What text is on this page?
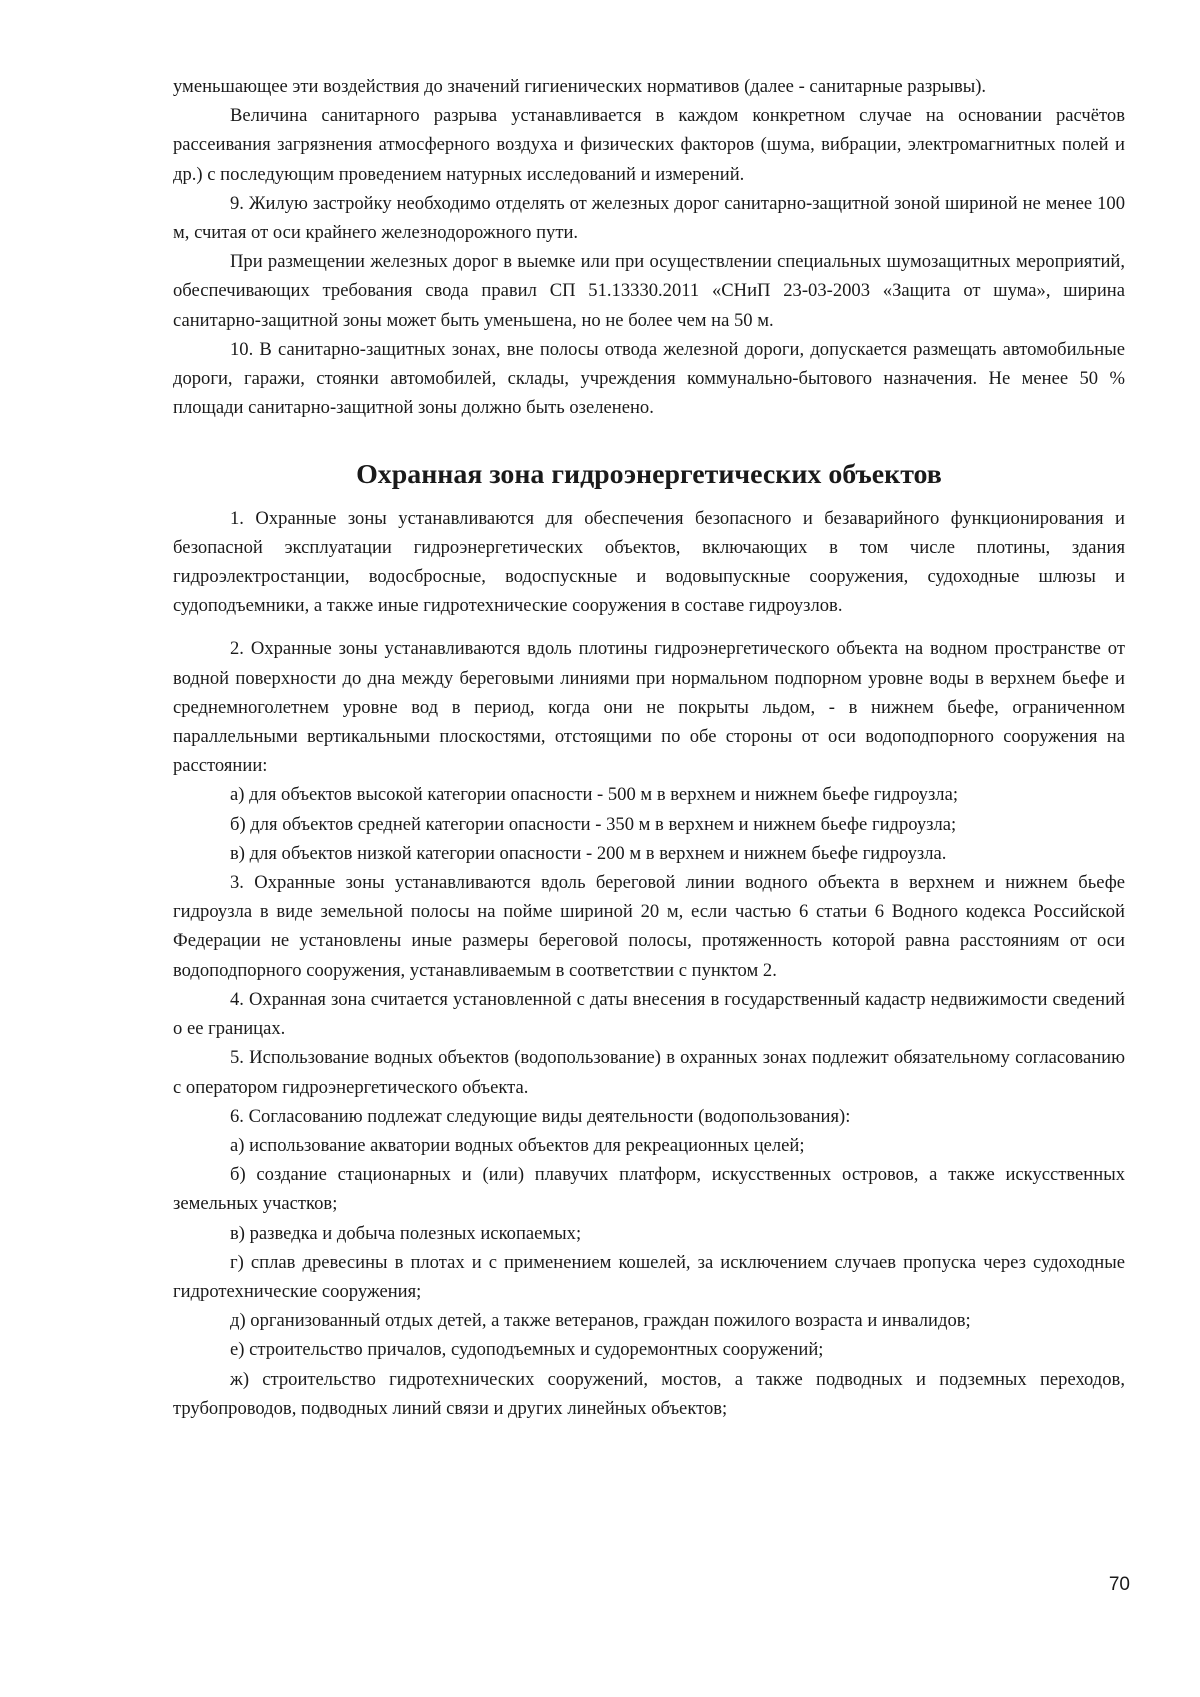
уменьшающее эти воздействия до значений гигиенических нормативов (далее - санитарные разрывы).

Величина санитарного разрыва устанавливается в каждом конкретном случае на основании расчётов рассеивания загрязнения атмосферного воздуха и физических факторов (шума, вибрации, электромагнитных полей и др.) с последующим проведением натурных исследований и измерений.

9. Жилую застройку необходимо отделять от железных дорог санитарно-защитной зоной шириной не менее 100 м, считая от оси крайнего железнодорожного пути.

При размещении железных дорог в выемке или при осуществлении специальных шумозащитных мероприятий, обеспечивающих требования свода правил СП 51.13330.2011 «СНиП 23-03-2003 «Защита от шума», ширина санитарно-защитной зоны может быть уменьшена, но не более чем на 50 м.

10. В санитарно-защитных зонах, вне полосы отвода железной дороги, допускается размещать автомобильные дороги, гаражи, стоянки автомобилей, склады, учреждения коммунально-бытового назначения. Не менее 50 % площади санитарно-защитной зоны должно быть озеленено.

Охранная зона гидроэнергетических объектов

1. Охранные зоны устанавливаются для обеспечения безопасного и безаварийного функционирования и безопасной эксплуатации гидроэнергетических объектов, включающих в том числе плотины, здания гидроэлектростанции, водосбросные, водоспускные и водовыпускные сооружения, судоходные шлюзы и судоподъемники, а также иные гидротехнические сооружения в составе гидроузлов.

2. Охранные зоны устанавливаются вдоль плотины гидроэнергетического объекта на водном пространстве от водной поверхности до дна между береговыми линиями при нормальном подпорном уровне воды в верхнем бьефе и среднемноголетнем уровне вод в период, когда они не покрыты льдом, - в нижнем бьефе, ограниченном параллельными вертикальными плоскостями, отстоящими по обе стороны от оси водоподпорного сооружения на расстоянии:

а) для объектов высокой категории опасности - 500 м в верхнем и нижнем бьефе гидроузла;

б) для объектов средней категории опасности - 350 м в верхнем и нижнем бьефе гидроузла;

в) для объектов низкой категории опасности - 200 м в верхнем и нижнем бьефе гидроузла.

3. Охранные зоны устанавливаются вдоль береговой линии водного объекта в верхнем и нижнем бьефе гидроузла в виде земельной полосы на пойме шириной 20 м, если частью 6 статьи 6 Водного кодекса Российской Федерации не установлены иные размеры береговой полосы, протяженность которой равна расстояниям от оси водоподпорного сооружения, устанавливаемым в соответствии с пунктом 2.

4. Охранная зона считается установленной с даты внесения в государственный кадастр недвижимости сведений о ее границах.

5. Использование водных объектов (водопользование) в охранных зонах подлежит обязательному согласованию с оператором гидроэнергетического объекта.

6. Согласованию подлежат следующие виды деятельности (водопользования):

а) использование акватории водных объектов для рекреационных целей;

б) создание стационарных и (или) плавучих платформ, искусственных островов, а также искусственных земельных участков;

в) разведка и добыча полезных ископаемых;

г) сплав древесины в плотах и с применением кошелей, за исключением случаев пропуска через судоходные гидротехнические сооружения;

д) организованный отдых детей, а также ветеранов, граждан пожилого возраста и инвалидов;

е) строительство причалов, судоподъемных и судоремонтных сооружений;

ж) строительство гидротехнических сооружений, мостов, а также подводных и подземных переходов, трубопроводов, подводных линий связи и других линейных объектов;

70
